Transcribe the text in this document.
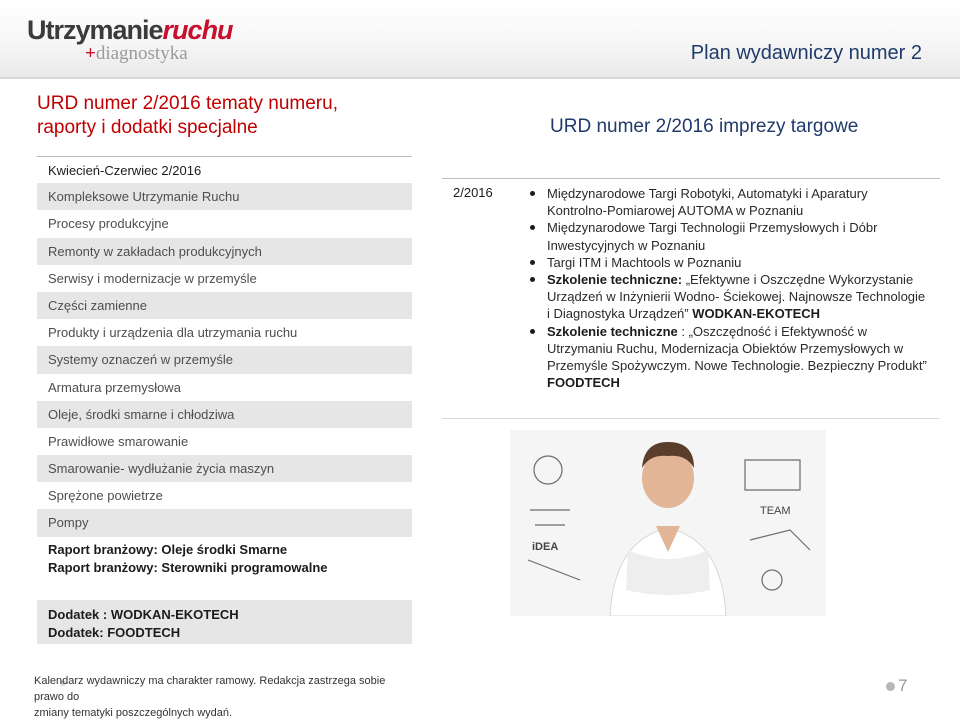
Utrzymanieruchu
+diagnostyka	Plan wydawniczy numer 2
URD numer 2/2016 tematy numeru,
raporty i dodatki specjalne
Kwiecień-Czerwiec 2/2016
Kompleksowe Utrzymanie Ruchu
Procesy produkcyjne
Remonty w zakładach produkcyjnych
Serwisy i modernizacje w przemyśle
Części zamienne
Produkty i urządzenia dla utrzymania ruchu
Systemy oznaczeń w przemyśle
Armatura przemysłowa
Oleje, środki smarne i chłodziwa
Prawidłowe smarowanie
Smarowanie- wydłużanie życia maszyn
Sprężone powietrze
Pompy
Raport branżowy: Oleje środki Smarne
Raport branżowy: Sterowniki programowalne
Dodatek : WODKAN-EKOTECH
Dodatek: FOODTECH
URD numer 2/2016 imprezy targowe
2/2016	Międzynarodowe Targi Robotyki, Automatyki i Aparatury Kontrolno-Pomiarowej AUTOMA w Poznaniu
Międzynarodowe Targi Technologii Przemysłowych i Dóbr Inwestycyjnych w Poznaniu
Targi ITM i Machtools w Poznaniu
Szkolenie techniczne: „Efektywne i Oszczędne Wykorzystanie Urządzeń w Inżynierii Wodno- Ściekowej. Najnowsze Technologie i Diagnostyka Urządzeń” WODKAN-EKOTECH
Szkolenie techniczne : „Oszczędność i Efektywność w Utrzymaniu Ruchu, Modernizacja Obiektów Przemysłowych w Przemyśle Spożywczym. Nowe Technologie. Bezpieczny Produkt” FOODTECH
TEAM
iDEA
Kalendarz wydawniczy ma charakter ramowy. Redakcja zastrzega sobie prawo do
zmiany tematyki poszczególnych wydań.
7
